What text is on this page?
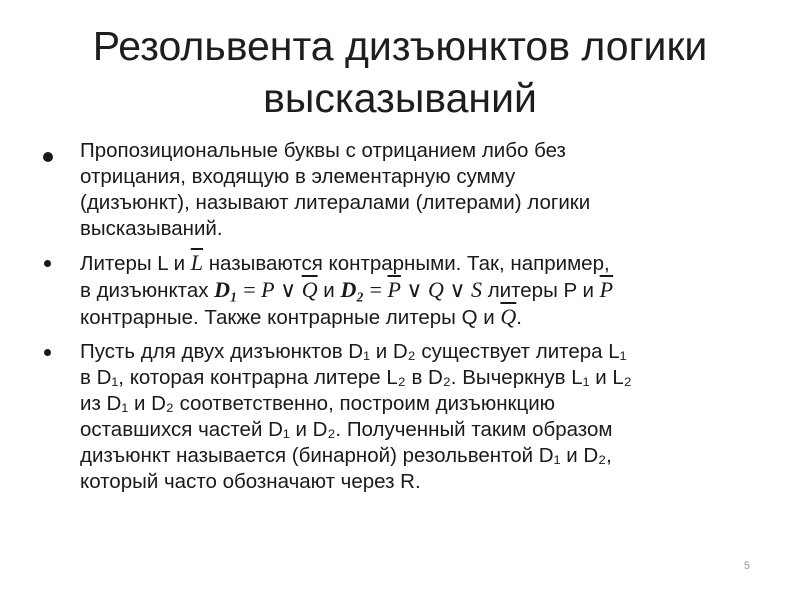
Резольвента дизъюнктов логики
высказываний
Пропозициональные буквы с отрицанием либо без
отрицания, входящую в элементарную сумму
(дизъюнкт), называют литералами (литерами) логики
высказываний.
Литеры L и $\overline{L}$ называются контрарными. Так, например,
в дизъюнктах D₁ = P ∨ $\overline{Q}$ и $D_2 = \overline{P}$ ∨ Q ∨ S литеры P и $\overline{P}$
контрарные. Также контрарные литеры Q и $\overline{Q}$.
Пусть для двух дизъюнктов D₁ и D₂ существует литера L₁
в D₁, которая контрарна литере L₂ в D₂. Вычеркнув L₁ и L₂
из D₁ и D₂ соответственно, построим дизъюнкцию
оставшихся частей D₁ и D₂. Полученный таким образом
дизъюнкт называется (бинарной) резольвентой D₁ и D₂,
который часто обозначают через R.
5
